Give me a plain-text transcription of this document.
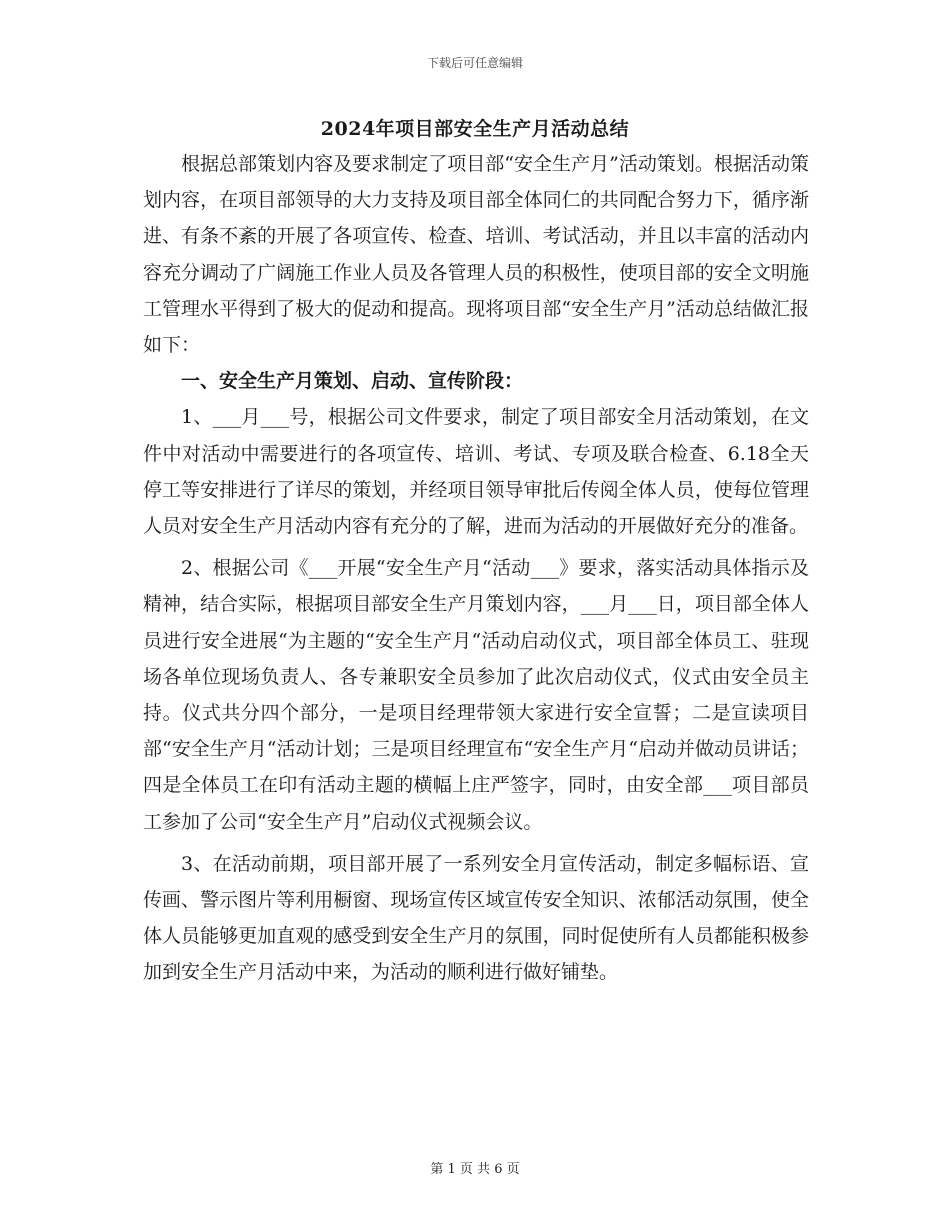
下载后可任意编辑
2024年项目部安全生产月活动总结

根据总部策划内容及要求制定了项目部“安全生产月”活动策划。根据活动策划内容，在项目部领导的大力支持及项目部全体同仁的共同配合努力下，循序渐进、有条不紊的开展了各项宣传、检查、培训、考试活动，并且以丰富的活动内容充分调动了广阔施工作业人员及各管理人员的积极性，使项目部的安全文明施工管理水平得到了极大的促动和提高。现将项目部“安全生产月”活动总结做汇报如下：

一、安全生产月策划、启动、宣传阶段：

1、___月___号，根据公司文件要求，制定了项目部安全月活动策划，在文件中对活动中需要进行的各项宣传、培训、考试、专项及联合检查、6.18全天停工等安排进行了详尽的策划，并经项目领导审批后传阅全体人员，使每位管理人员对安全生产月活动内容有充分的了解，进而为活动的开展做好充分的准备。

2、根据公司《___开展“安全生产月“活动___》要求，落实活动具体指示及精神，结合实际，根据项目部安全生产月策划内容，___月___日，项目部全体人员进行安全进展“为主题的“安全生产月“活动启动仪式，项目部全体员工、驻现场各单位现场负责人、各专兼职安全员参加了此次启动仪式，仪式由安全员主持。仪式共分四个部分，一是项目经理带领大家进行安全宣誓；二是宣读项目部“安全生产月“活动计划；三是项目经理宣布“安全生产月“启动并做动员讲话；四是全体员工在印有活动主题的横幅上庄严签字，同时，由安全部___项目部员工参加了公司“安全生产月”启动仪式视频会议。

3、在活动前期，项目部开展了一系列安全月宣传活动，制定多幅标语、宣传画、警示图片等利用橱窗、现场宣传区域宣传安全知识、浓郁活动氛围，使全体人员能够更加直观的感受到安全生产月的氛围，同时促使所有人员都能积极参加到安全生产月活动中来，为活动的顺利进行做好铺垫。

第 1 页 共 6 页
